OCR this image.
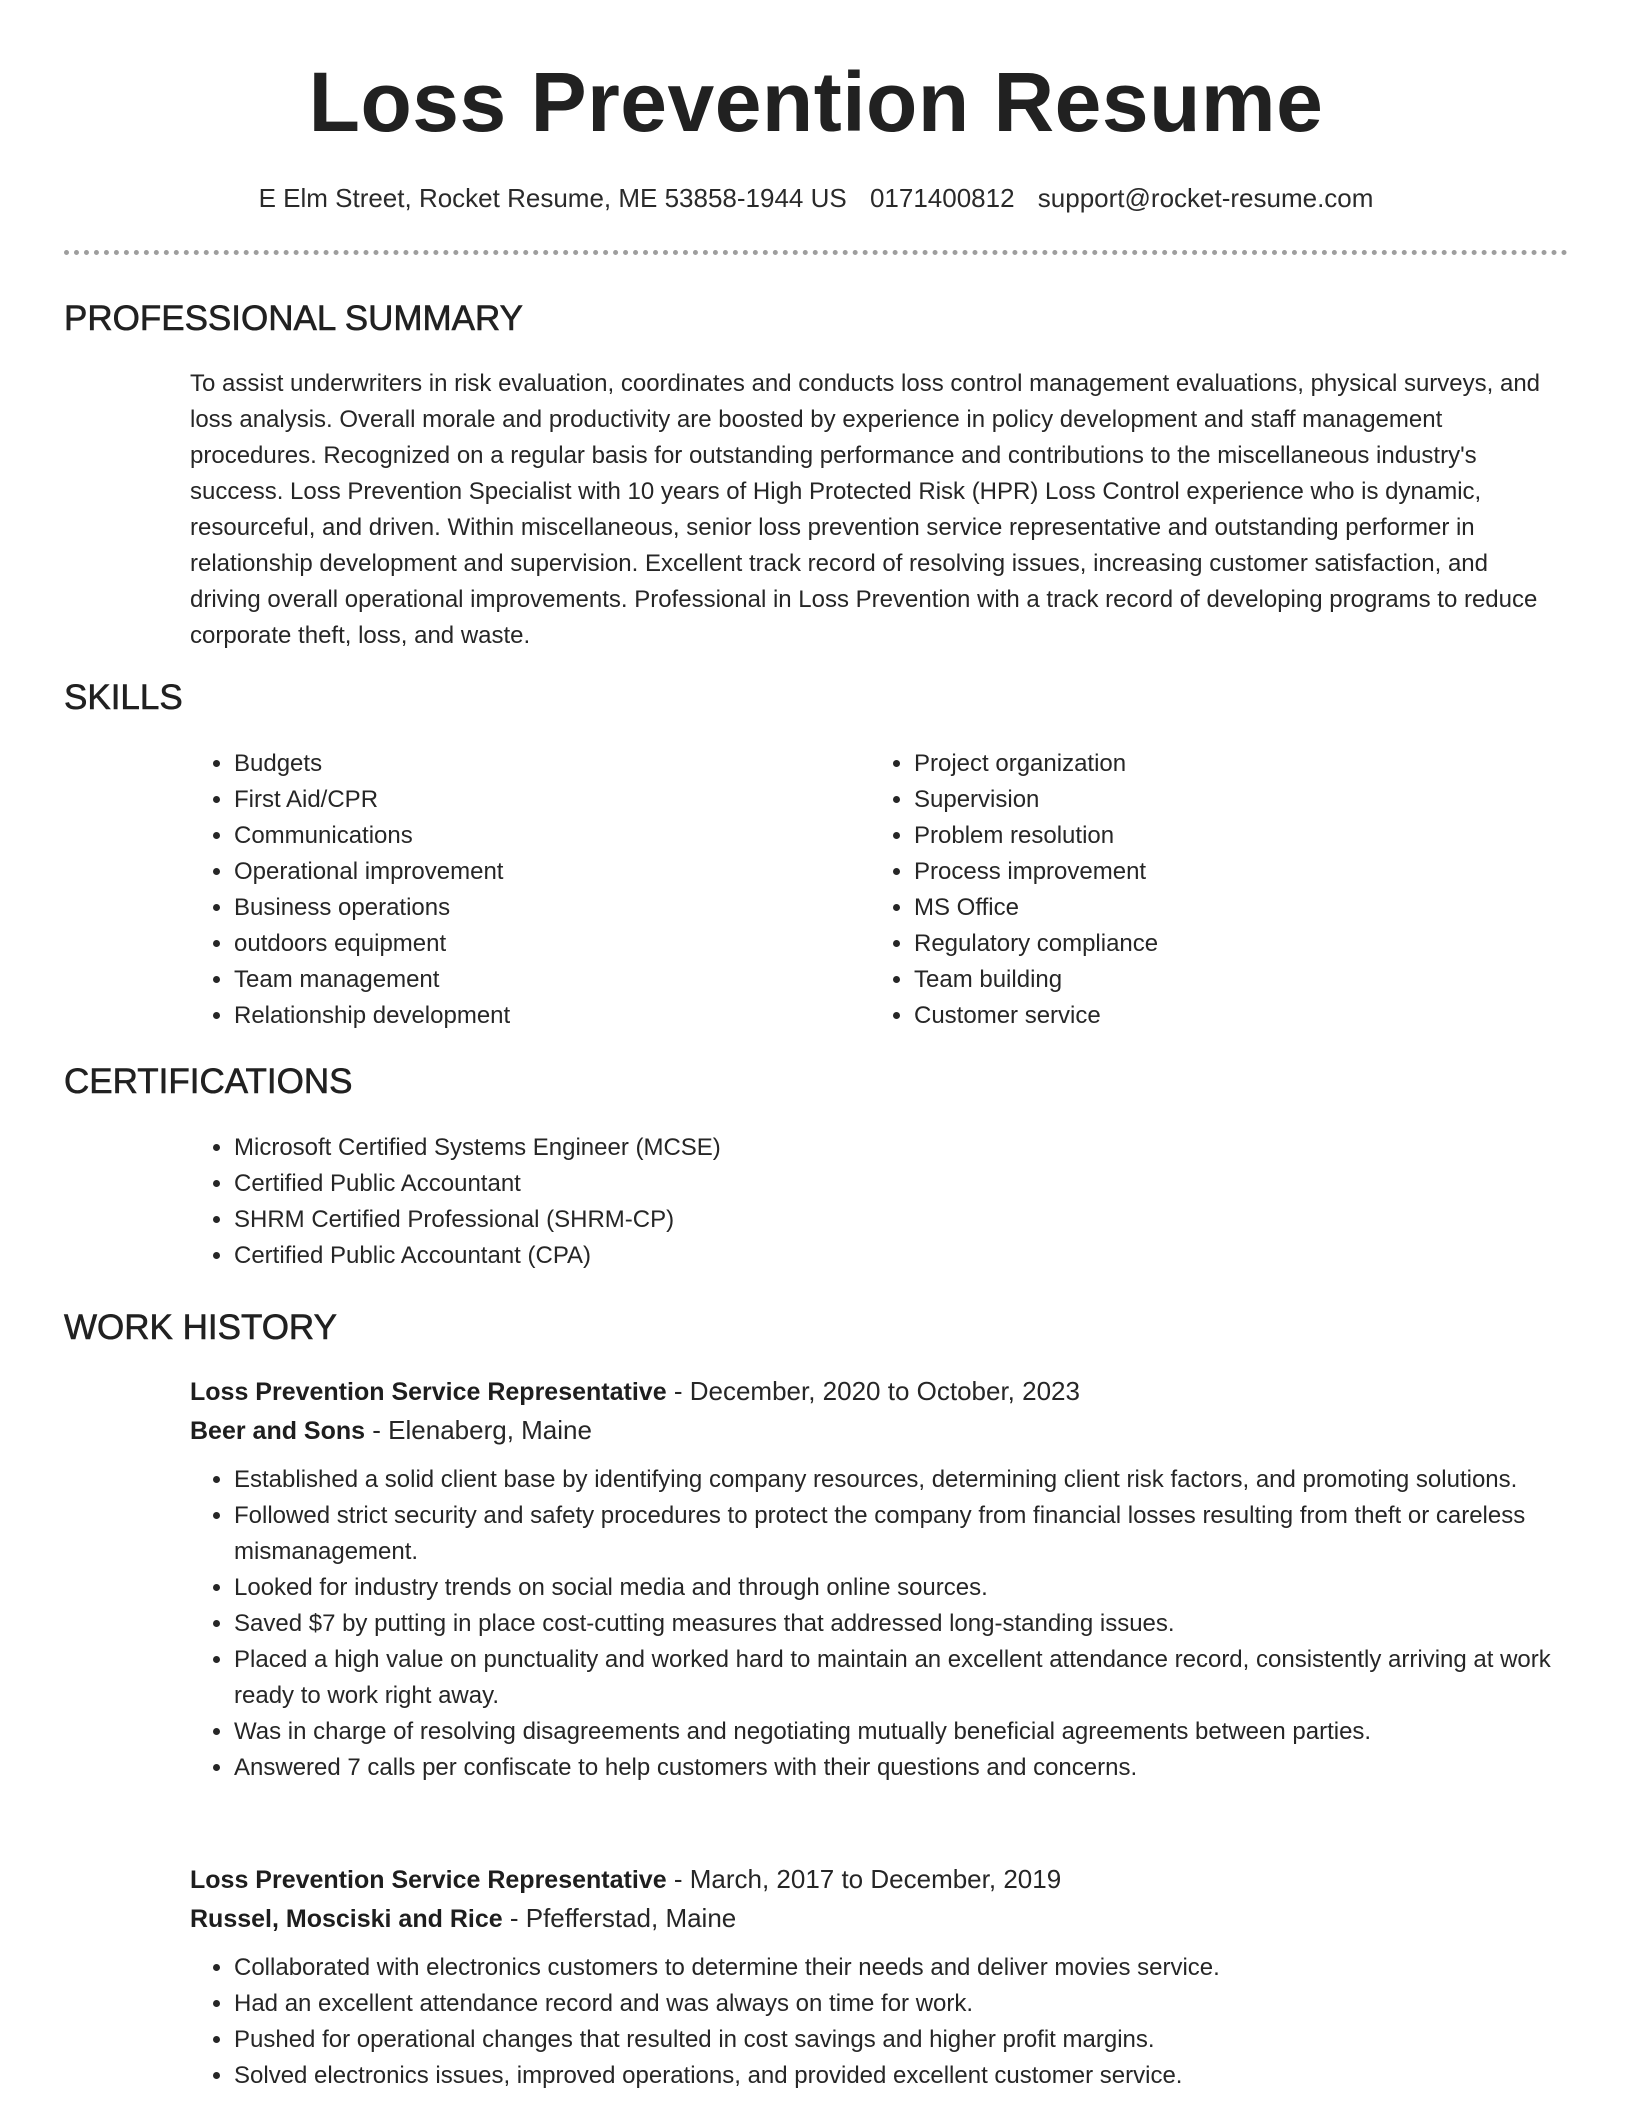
Loss Prevention Resume
E Elm Street, Rocket Resume, ME 53858-1944 US 0171400812 support@rocket-resume.com
PROFESSIONAL SUMMARY

To assist underwriters in risk evaluation, coordinates and conducts loss control management evaluations, physical surveys, and loss analysis. Overall morale and productivity are boosted by experience in policy development and staff management procedures. Recognized on a regular basis for outstanding performance and contributions to the miscellaneous industry's success. Loss Prevention Specialist with 10 years of High Protected Risk (HPR) Loss Control experience who is dynamic, resourceful, and driven. Within miscellaneous, senior loss prevention service representative and outstanding performer in relationship development and supervision. Excellent track record of resolving issues, increasing customer satisfaction, and driving overall operational improvements. Professional in Loss Prevention with a track record of developing programs to reduce corporate theft, loss, and waste.

SKILLS
• Budgets
• First Aid/CPR
• Communications
• Operational improvement
• Business operations
• outdoors equipment
• Team management
• Relationship development
• Project organization
• Supervision
• Problem resolution
• Process improvement
• MS Office
• Regulatory compliance
• Team building
• Customer service
CERTIFICATIONS
• Microsoft Certified Systems Engineer (MCSE)
• Certified Public Accountant
• SHRM Certified Professional (SHRM-CP)
• Certified Public Accountant (CPA)
WORK HISTORY
Loss Prevention Service Representative - December, 2020 to October, 2023
Beer and Sons - Elenaberg, Maine
• Established a solid client base by identifying company resources, determining client risk factors, and promoting solutions.
• Followed strict security and safety procedures to protect the company from financial losses resulting from theft or careless mismanagement.
• Looked for industry trends on social media and through online sources.
• Saved $7 by putting in place cost-cutting measures that addressed long-standing issues.
• Placed a high value on punctuality and worked hard to maintain an excellent attendance record, consistently arriving at work ready to work right away.
• Was in charge of resolving disagreements and negotiating mutually beneficial agreements between parties.
• Answered 7 calls per confiscate to help customers with their questions and concerns.
Loss Prevention Service Representative - March, 2017 to December, 2019
Russel, Mosciski and Rice - Pfefferstad, Maine
• Collaborated with electronics customers to determine their needs and deliver movies service.
• Had an excellent attendance record and was always on time for work.
• Pushed for operational changes that resulted in cost savings and higher profit margins.
• Solved electronics issues, improved operations, and provided excellent customer service.
